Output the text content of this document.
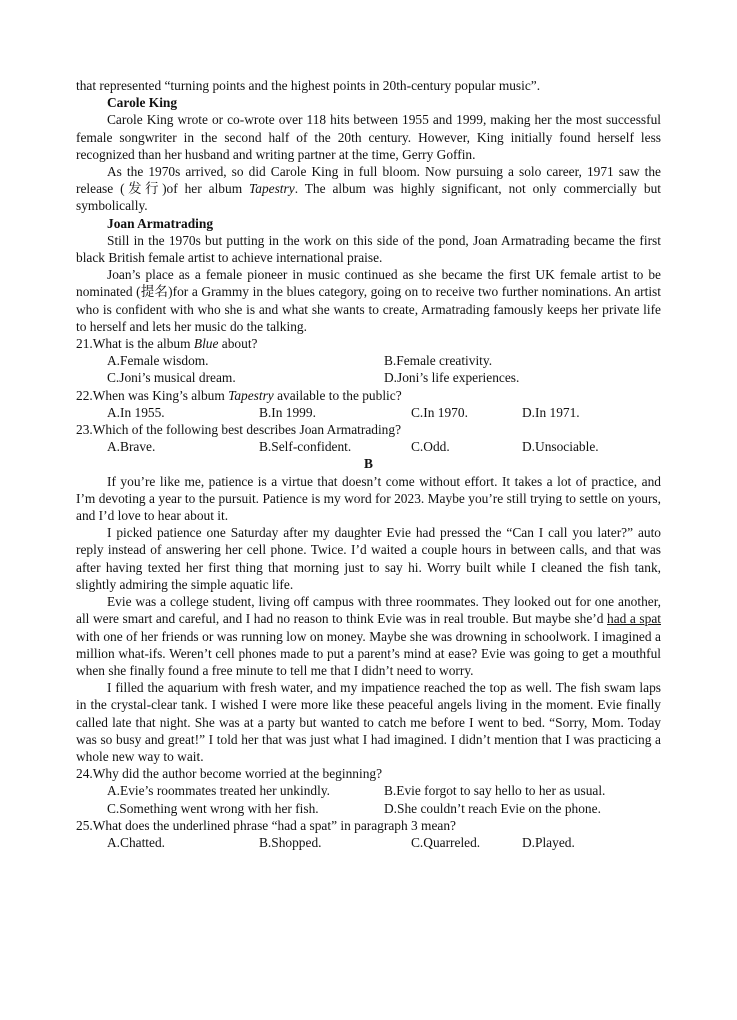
that represented “turning points and the highest points in 20th-century popular music”.

Carole King

Carole King wrote or co-wrote over 118 hits between 1955 and 1999, making her the most successful female songwriter in the second half of the 20th century. However, King initially found herself less recognized than her husband and writing partner at the time, Gerry Goffin.

As the 1970s arrived, so did Carole King in full bloom. Now pursuing a solo career, 1971 saw the release (发行)of her album Tapestry. The album was highly significant, not only commercially but symbolically.

Joan Armatrading

Still in the 1970s but putting in the work on this side of the pond, Joan Armatrading became the first black British female artist to achieve international praise.

Joan’s place as a female pioneer in music continued as she became the first UK female artist to be nominated (提名)for a Grammy in the blues category, going on to receive two further nominations. An artist who is confident with who she is and what she wants to create, Armatrading famously keeps her private life to herself and lets her music do the talking.

21.What is the album Blue about?

A.Female wisdom.	B.Female creativity.
C.Joni’s musical dream.	D.Joni’s life experiences.

22.When was King’s album Tapestry available to the public?

A.In 1955.	B.In 1999.	C.In 1970.	D.In 1971.

23.Which of the following best describes Joan Armatrading?

A.Brave.	B.Self-confident.	C.Odd.	D.Unsociable.

B

If you’re like me, patience is a virtue that doesn’t come without effort. It takes a lot of practice, and I’m devoting a year to the pursuit. Patience is my word for 2023. Maybe you’re still trying to settle on yours, and I’d love to hear about it.

I picked patience one Saturday after my daughter Evie had pressed the “Can I call you later?” auto reply instead of answering her cell phone. Twice. I’d waited a couple hours in between calls, and that was after having texted her first thing that morning just to say hi. Worry built while I cleaned the fish tank, slightly admiring the simple aquatic life.

Evie was a college student, living off campus with three roommates. They looked out for one another, all were smart and careful, and I had no reason to think Evie was in real trouble. But maybe she’d had a spat with one of her friends or was running low on money. Maybe she was drowning in schoolwork. I imagined a million what-ifs. Weren’t cell phones made to put a parent’s mind at ease? Evie was going to get a mouthful when she finally found a free minute to tell me that I didn’t need to worry.

I filled the aquarium with fresh water, and my impatience reached the top as well. The fish swam laps in the crystal-clear tank. I wished I were more like these peaceful angels living in the moment. Evie finally called late that night. She was at a party but wanted to catch me before I went to bed. “Sorry, Mom. Today was so busy and great!” I told her that was just what I had imagined. I didn’t mention that I was practicing a whole new way to wait.

24.Why did the author become worried at the beginning?

A.Evie’s roommates treated her unkindly.	B.Evie forgot to say hello to her as usual.
C.Something went wrong with her fish.	D.She couldn’t reach Evie on the phone.

25.What does the underlined phrase “had a spat” in paragraph 3 mean?

A.Chatted.	B.Shopped.	C.Quarreled.	D.Played.
